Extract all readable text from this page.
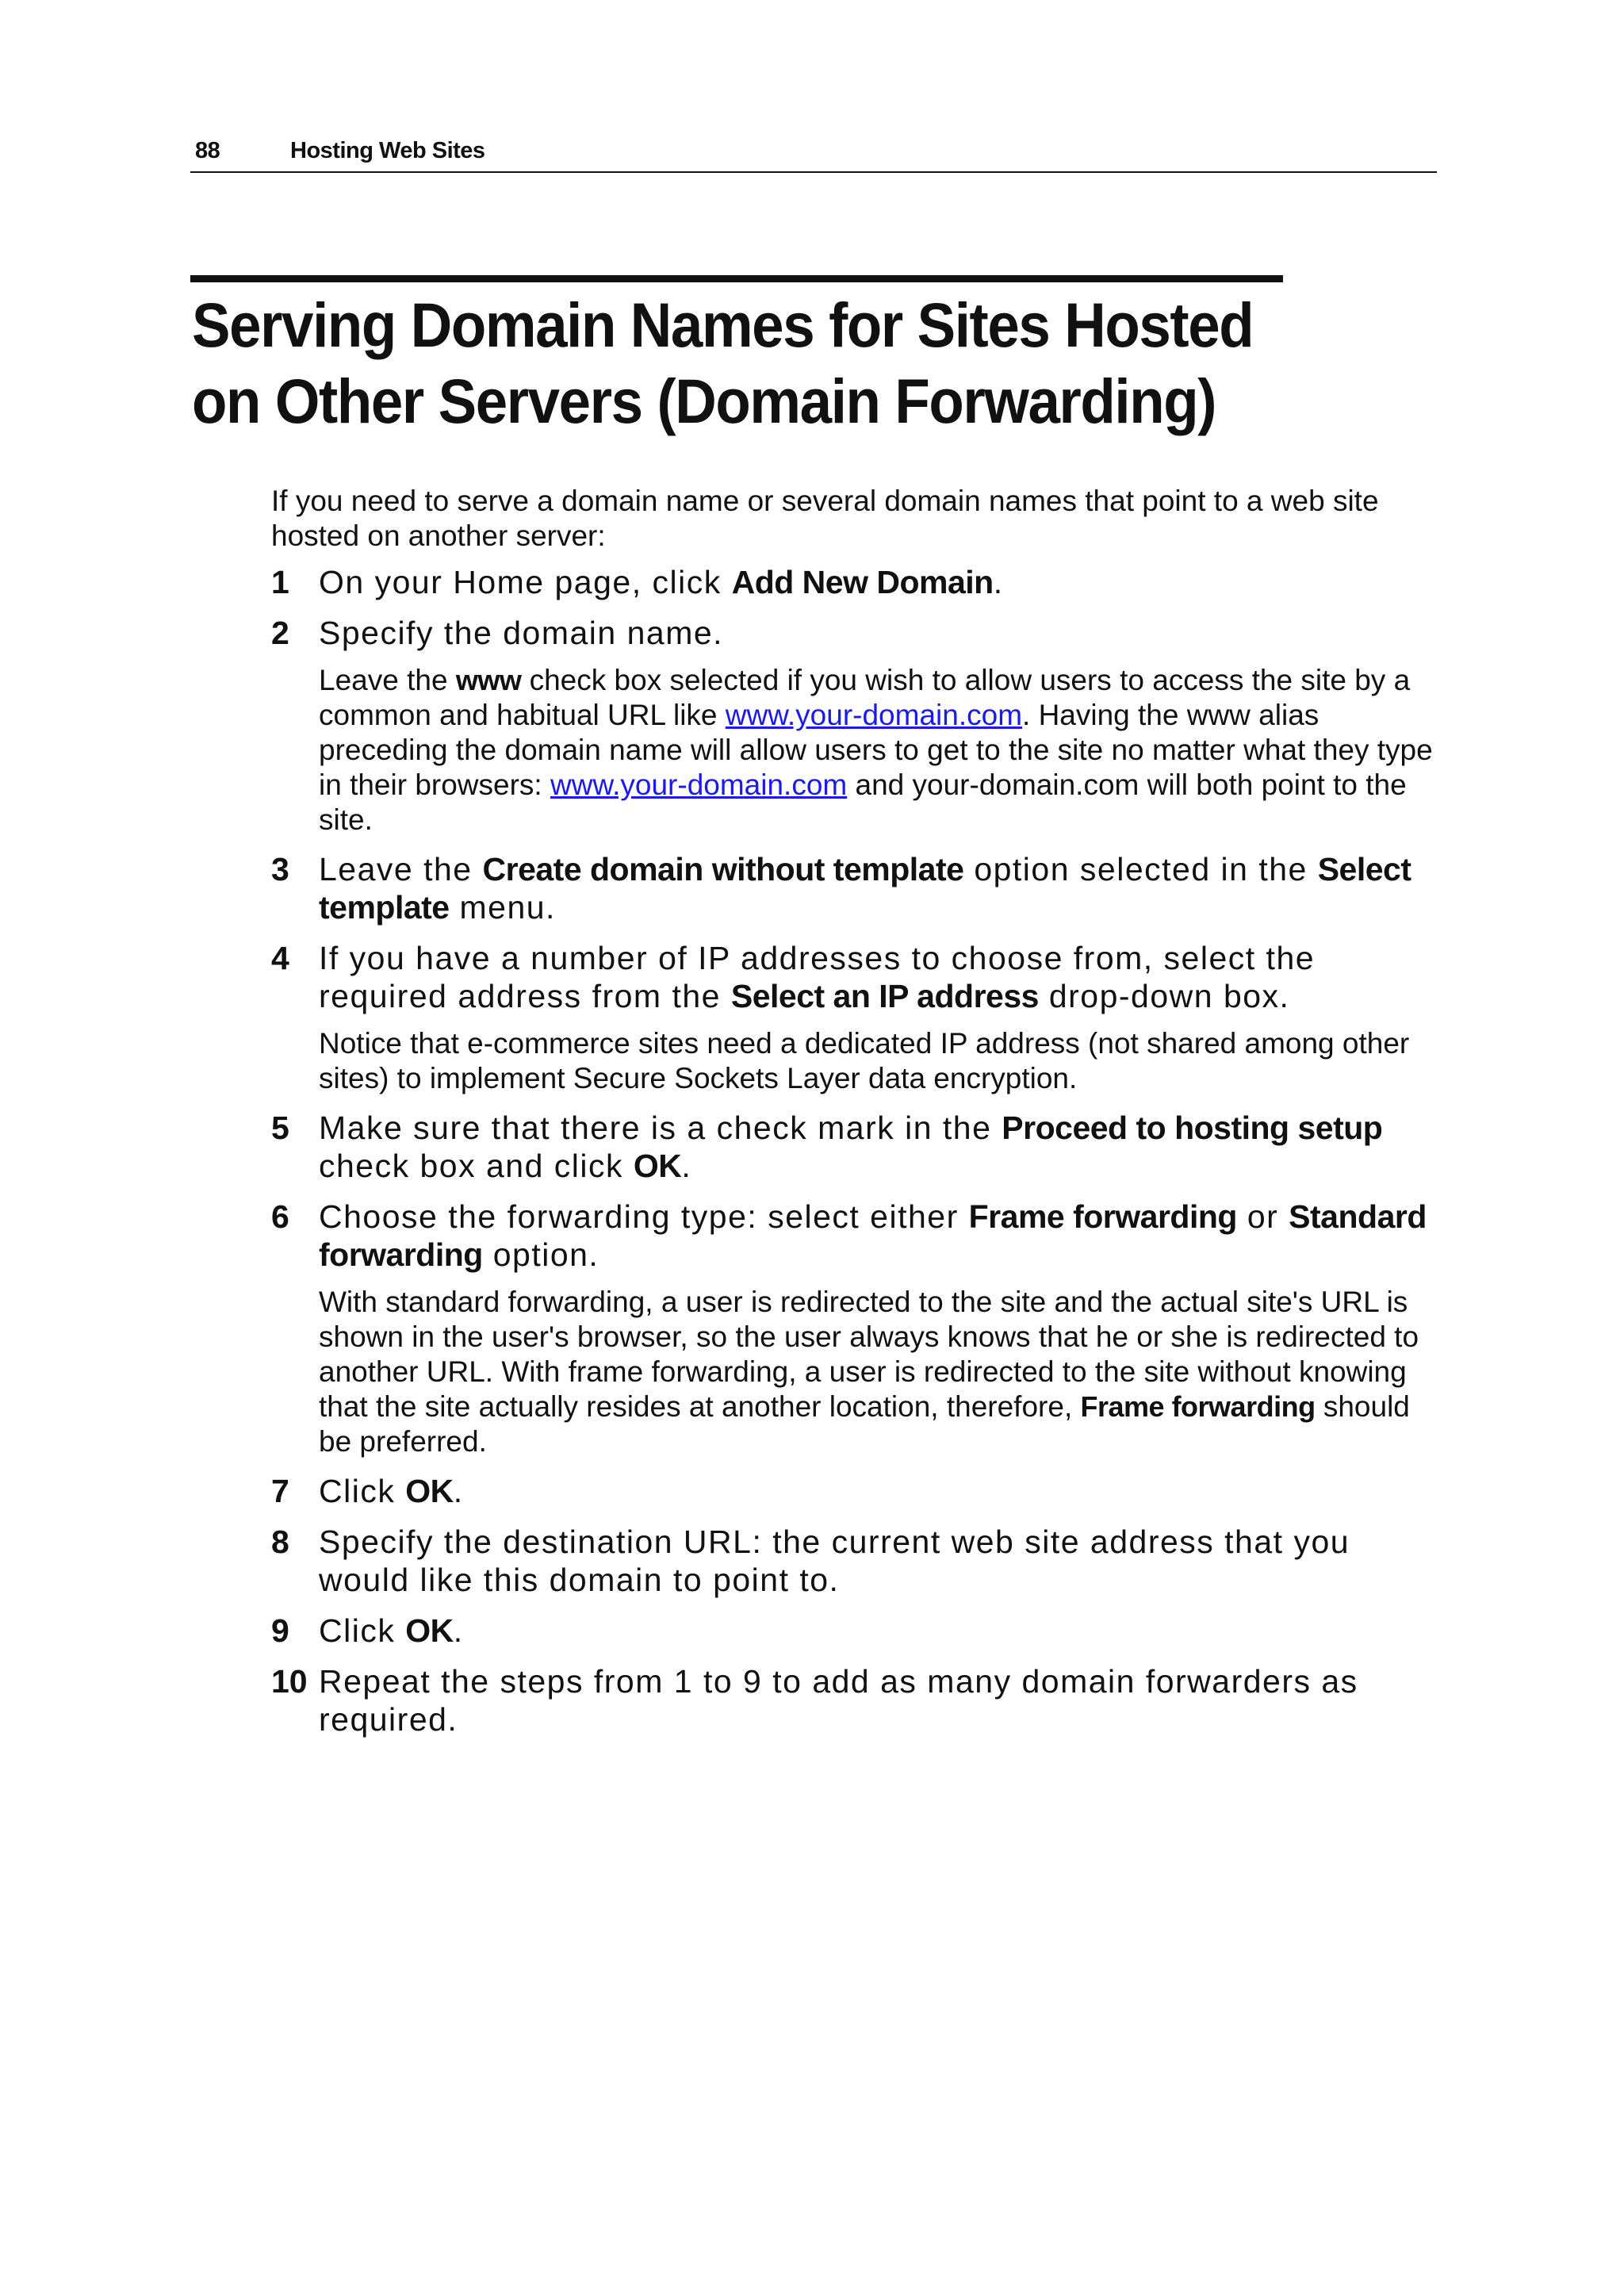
88	Hosting Web Sites
Serving Domain Names for Sites Hosted
on Other Servers (Domain Forwarding)

If you need to serve a domain name or several domain names that point to a web site hosted on another server:

1 On your Home page, click Add New Domain.

2 Specify the domain name.

Leave the www check box selected if you wish to allow users to access the site by a common and habitual URL like www.your-domain.com. Having the www alias preceding the domain name will allow users to get to the site no matter what they type in their browsers: www.your-domain.com and your-domain.com will both point to the site.

3 Leave the Create domain without template option selected in the Select template menu.

4 If you have a number of IP addresses to choose from, select the required address from the Select an IP address drop-down box.

Notice that e-commerce sites need a dedicated IP address (not shared among other sites) to implement Secure Sockets Layer data encryption.

5 Make sure that there is a check mark in the Proceed to hosting setup check box and click OK.

6 Choose the forwarding type: select either Frame forwarding or Standard forwarding option.

With standard forwarding, a user is redirected to the site and the actual site's URL is shown in the user's browser, so the user always knows that he or she is redirected to another URL. With frame forwarding, a user is redirected to the site without knowing that the site actually resides at another location, therefore, Frame forwarding should be preferred.

7 Click OK.

8 Specify the destination URL: the current web site address that you would like this domain to point to.

9 Click OK.

10 Repeat the steps from 1 to 9 to add as many domain forwarders as required.
